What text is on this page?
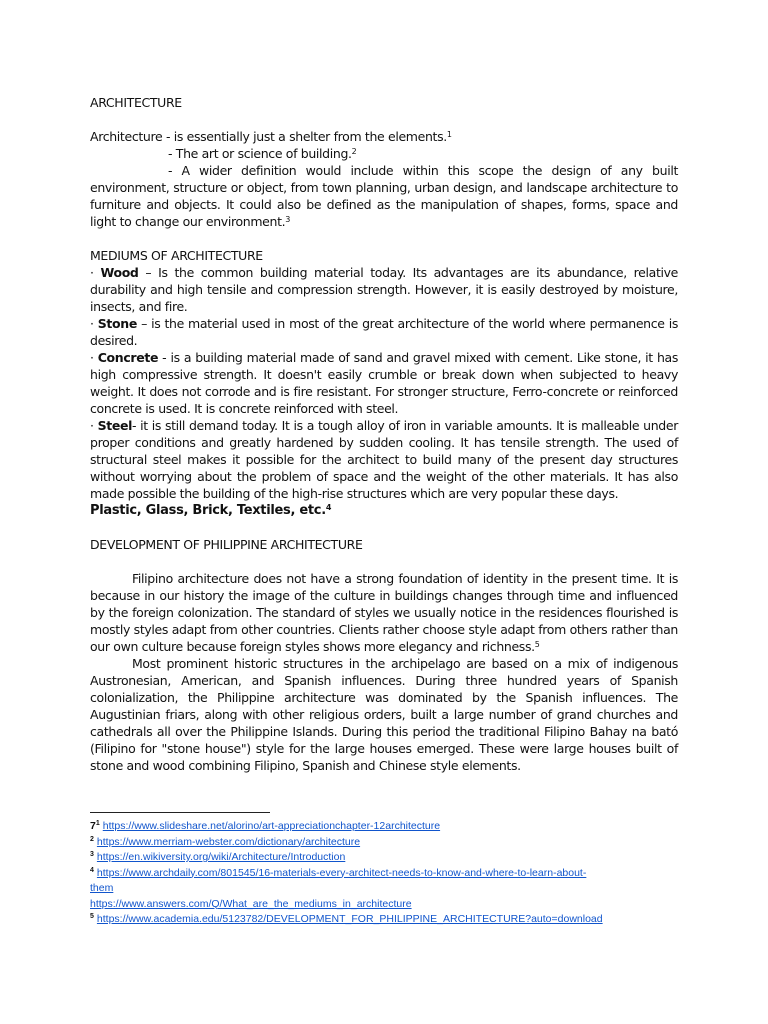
ARCHITECTURE

Architecture - is essentially just a shelter from the elements.$^1$

- The art or science of building.$^2$

- A wider definition would include within this scope the design of any built
environment, structure or object, from town planning, urban design, and landscape architecture to furniture and objects. It could also be defined as the manipulation of shapes, forms, space and light to change our environment.$^3$

MEDIUMS OF ARCHITECTURE

· Wood – Is the common building material today. Its advantages are its abundance, relative durability and high tensile and compression strength. However, it is easily destroyed by moisture, insects, and fire.

· Stone – is the material used in most of the great architecture of the world where permanence is desired.

· Concrete - is a building material made of sand and gravel mixed with cement. Like stone, it has high compressive strength. It doesn't easily crumble or break down when subjected to heavy weight. It does not corrode and is fire resistant. For stronger structure, Ferro-concrete or reinforced concrete is used. It is concrete reinforced with steel.

· Steel- it is still demand today. It is a tough alloy of iron in variable amounts. It is malleable under proper conditions and greatly hardened by sudden cooling. It has tensile strength. The used of structural steel makes it possible for the architect to build many of the present day structures without worrying about the problem of space and the weight of the other materials. It has also made possible the building of the high-rise structures which are very popular these days.

Plastic, Glass, Brick, Textiles, etc.$^4$

DEVELOPMENT OF PHILIPPINE ARCHITECTURE

Filipino architecture does not have a strong foundation of identity in the present time. It is because in our history the image of the culture in buildings changes through time and influenced by the foreign colonization. The standard of styles we usually notice in the residences flourished is mostly styles adapt from other countries. Clients rather choose style adapt from others rather than our own culture because foreign styles shows more elegancy and richness.$^5$

Most prominent historic structures in the archipelago are based on a mix of indigenous Austronesian, American, and Spanish influences. During three hundred years of Spanish colonialization, the Philippine architecture was dominated by the Spanish influences. The Augustinian friars, along with other religious orders, built a large number of grand churches and cathedrals all over the Philippine Islands. During this period the traditional Filipino Bahay na bató (Filipino for "stone house") style for the large houses emerged. These were large houses built of stone and wood combining Filipino, Spanish and Chinese style elements.

$7^1$ https://www.slideshare.net/alorino/art-appreciationchapter-12architecture
$^2$ https://www.merriam-webster.com/dictionary/architecture
$^3$ https://en.wikiversity.org/wiki/Architecture/Introduction
$^4$ https://www.archdaily.com/801545/16-materials-every-architect-needs-to-know-and-where-to-learn-about-
them
https://www.answers.com/Q/What_are_the_mediums_in_architecture
$^5$ https://www.academia.edu/5123782/DEVELOPMENT_FOR_PHILIPPINE_ARCHITECTURE?auto=download
